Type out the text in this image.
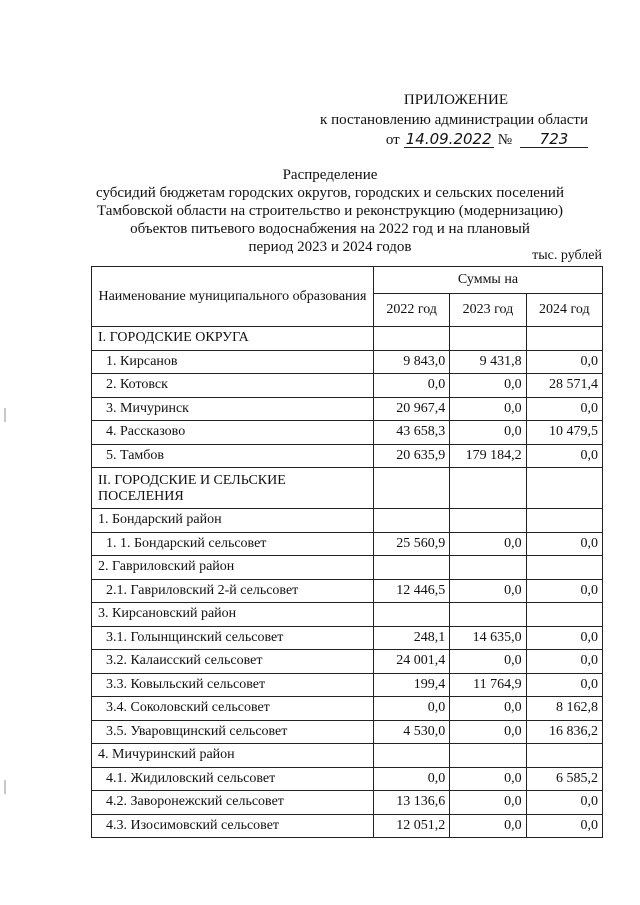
ПРИЛОЖЕНИЕ
к постановлению администрации области
от 14.09.2022 №	723
Распределение
субсидий бюджетам городских округов, городских и сельских поселений
Тамбовской области на строительство и реконструкцию (модернизацию)
объектов питьевого водоснабжения на 2022 год и на плановый
период 2023 и 2024 годов
тыс. рублей
Наименование муниципального образования	Суммы на		
	2022 год	2023 год	2024 год
I. ГОРОДСКИЕ ОКРУГА			
1. Кирсанов	9 843,0	9 431,8	0,0
2. Котовск	0,0	0,0	28 571,4
3. Мичуринск	20 967,4	0,0	0,0
4. Рассказово	43 658,3	0,0	10 479,5
5. Тамбов	20 635,9	179 184,2	0,0
II. ГОРОДСКИЕ И СЕЛЬСКИЕ ПОСЕЛЕНИЯ			
1. Бондарский район			
1. 1. Бондарский сельсовет	25 560,9	0,0	0,0
2. Гавриловский район			
2.1. Гавриловский 2-й сельсовет	12 446,5	0,0	0,0
3. Кирсановский район			
3.1. Голынщинский сельсовет	248,1	14 635,0	0,0
3.2. Калаисский сельсовет	24 001,4	0,0	0,0
3.3. Ковыльский сельсовет	199,4	11 764,9	0,0
3.4. Соколовский сельсовет	0,0	0,0	8 162,8
3.5. Уваровщинский сельсовет	4 530,0	0,0	16 836,2
4. Мичуринский район			
4.1. Жидиловский сельсовет	0,0	0,0	6 585,2
4.2. Заворонежский сельсовет	13 136,6	0,0	0,0
4.3. Изосимовский сельсовет	12 051,2	0,0	0,0
